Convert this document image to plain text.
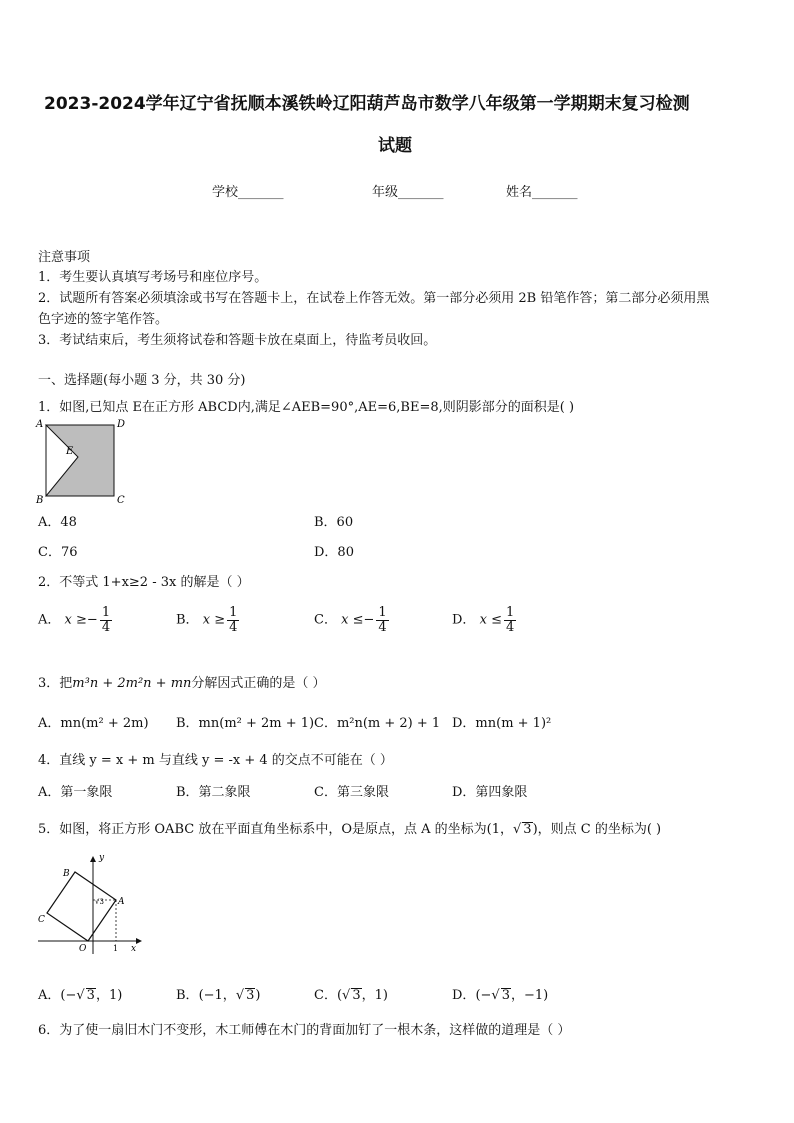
2023-2024学年辽宁省抚顺本溪铁岭辽阳葫芦岛市数学八年级第一学期期末复习检测
试题
学校_______	年级_______	姓名_______
注意事项
1．考生要认真填写考场号和座位序号。
2．试题所有答案必须填涂或书写在答题卡上，在试卷上作答无效。第一部分必须用 2B 铅笔作答；第二部分必须用黑
色字迹的签字笔作答。
3．考试结束后，考生须将试卷和答题卡放在桌面上，待监考员收回。
一、选择题(每小题 3 分，共 30 分)
1．如图,已知点 E在正方形 ABCD内,满足∠AEB=90°,AE=6,BE=8,则阴影部分的面积是( )
A	D
B	C
E
A．48	B．60
C．76	D．80
2．不等式 1+x≥2 - 3x 的解是（ ）
A． $x \ge- \frac{1}{4}$	B． $x \ge \frac{1}{4}$	C． $x \le- \frac{1}{4}$	D． $x \le \frac{1}{4}$
3．把m³n + 2m²n + mn分解因式正确的是（ ）
A．mn(m² + 2m) B．mn(m² + 2m + 1) C．m²n(m + 2) + 1 D．mn(m + 1)²
4．直线 y = x + m 与直线 y = -x + 4 的交点不可能在（ ）
A．第一象限	B．第二象限	C．第三象限	D．第四象限
5．如图，将正方形 OABC 放在平面直角坐标系中，O是原点，点 A 的坐标为(1，√ 3)，则点 C 的坐标为( )
y
x
B
C
A
O	1
√3
A．(−√ 3，1)	B．(−1，√ 3)	C．(√ 3，1)	D．(−√ 3，−1)
6．为了使一扇旧木门不变形，木工师傅在木门的背面加钉了一根木条，这样做的道理是（ ）
